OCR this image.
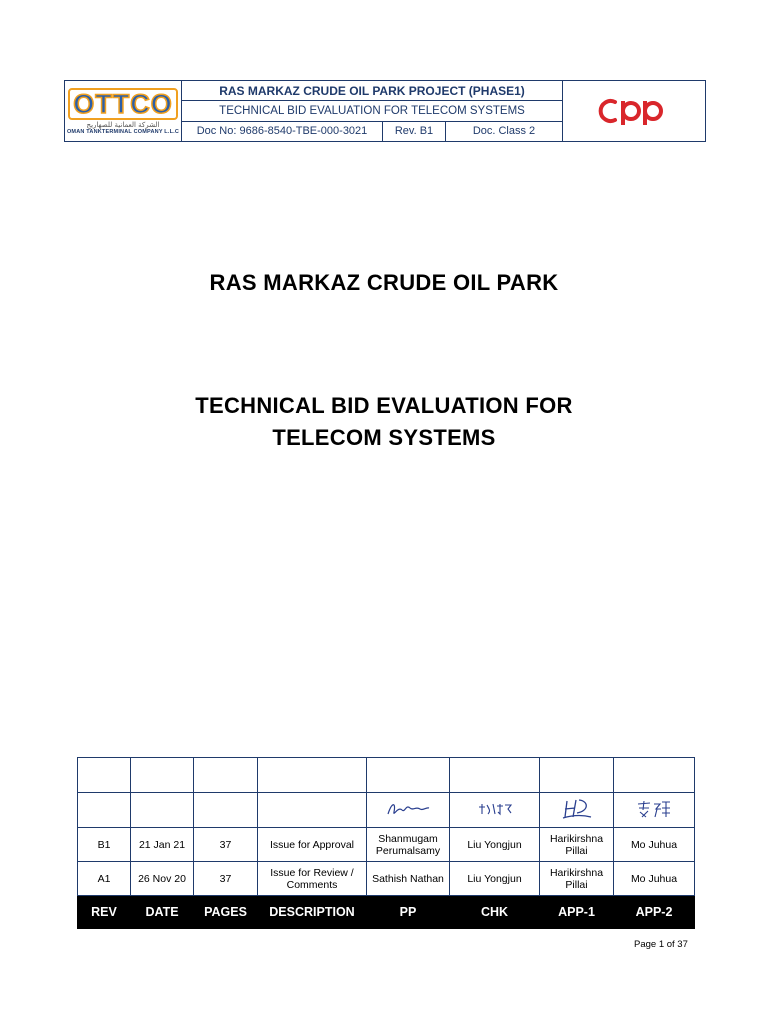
OTTCO
الشركة العمانية للصهاريج
OMAN TANKTERMINAL COMPANY L.L.C
RAS MARKAZ CRUDE OIL PARK PROJECT (PHASE1)
TECHNICAL BID EVALUATION FOR TELECOM SYSTEMS
Doc No: 9686-8540-TBE-000-3021	Rev. B1	Doc. Class 2
RAS MARKAZ CRUDE OIL PARK
TECHNICAL BID EVALUATION FOR
TELECOM SYSTEMS

B1	21 Jan 21	37	Issue for Approval	Shanmugam Perumalsamy	Liu Yongjun	Harikirshna Pillai	Mo Juhua
A1	26 Nov 20	37	Issue for Review / Comments	Sathish Nathan	Liu Yongjun	Harikirshna Pillai	Mo Juhua
REV	DATE	PAGES	DESCRIPTION	PP	CHK	APP-1	APP-2
Page 1 of 37
